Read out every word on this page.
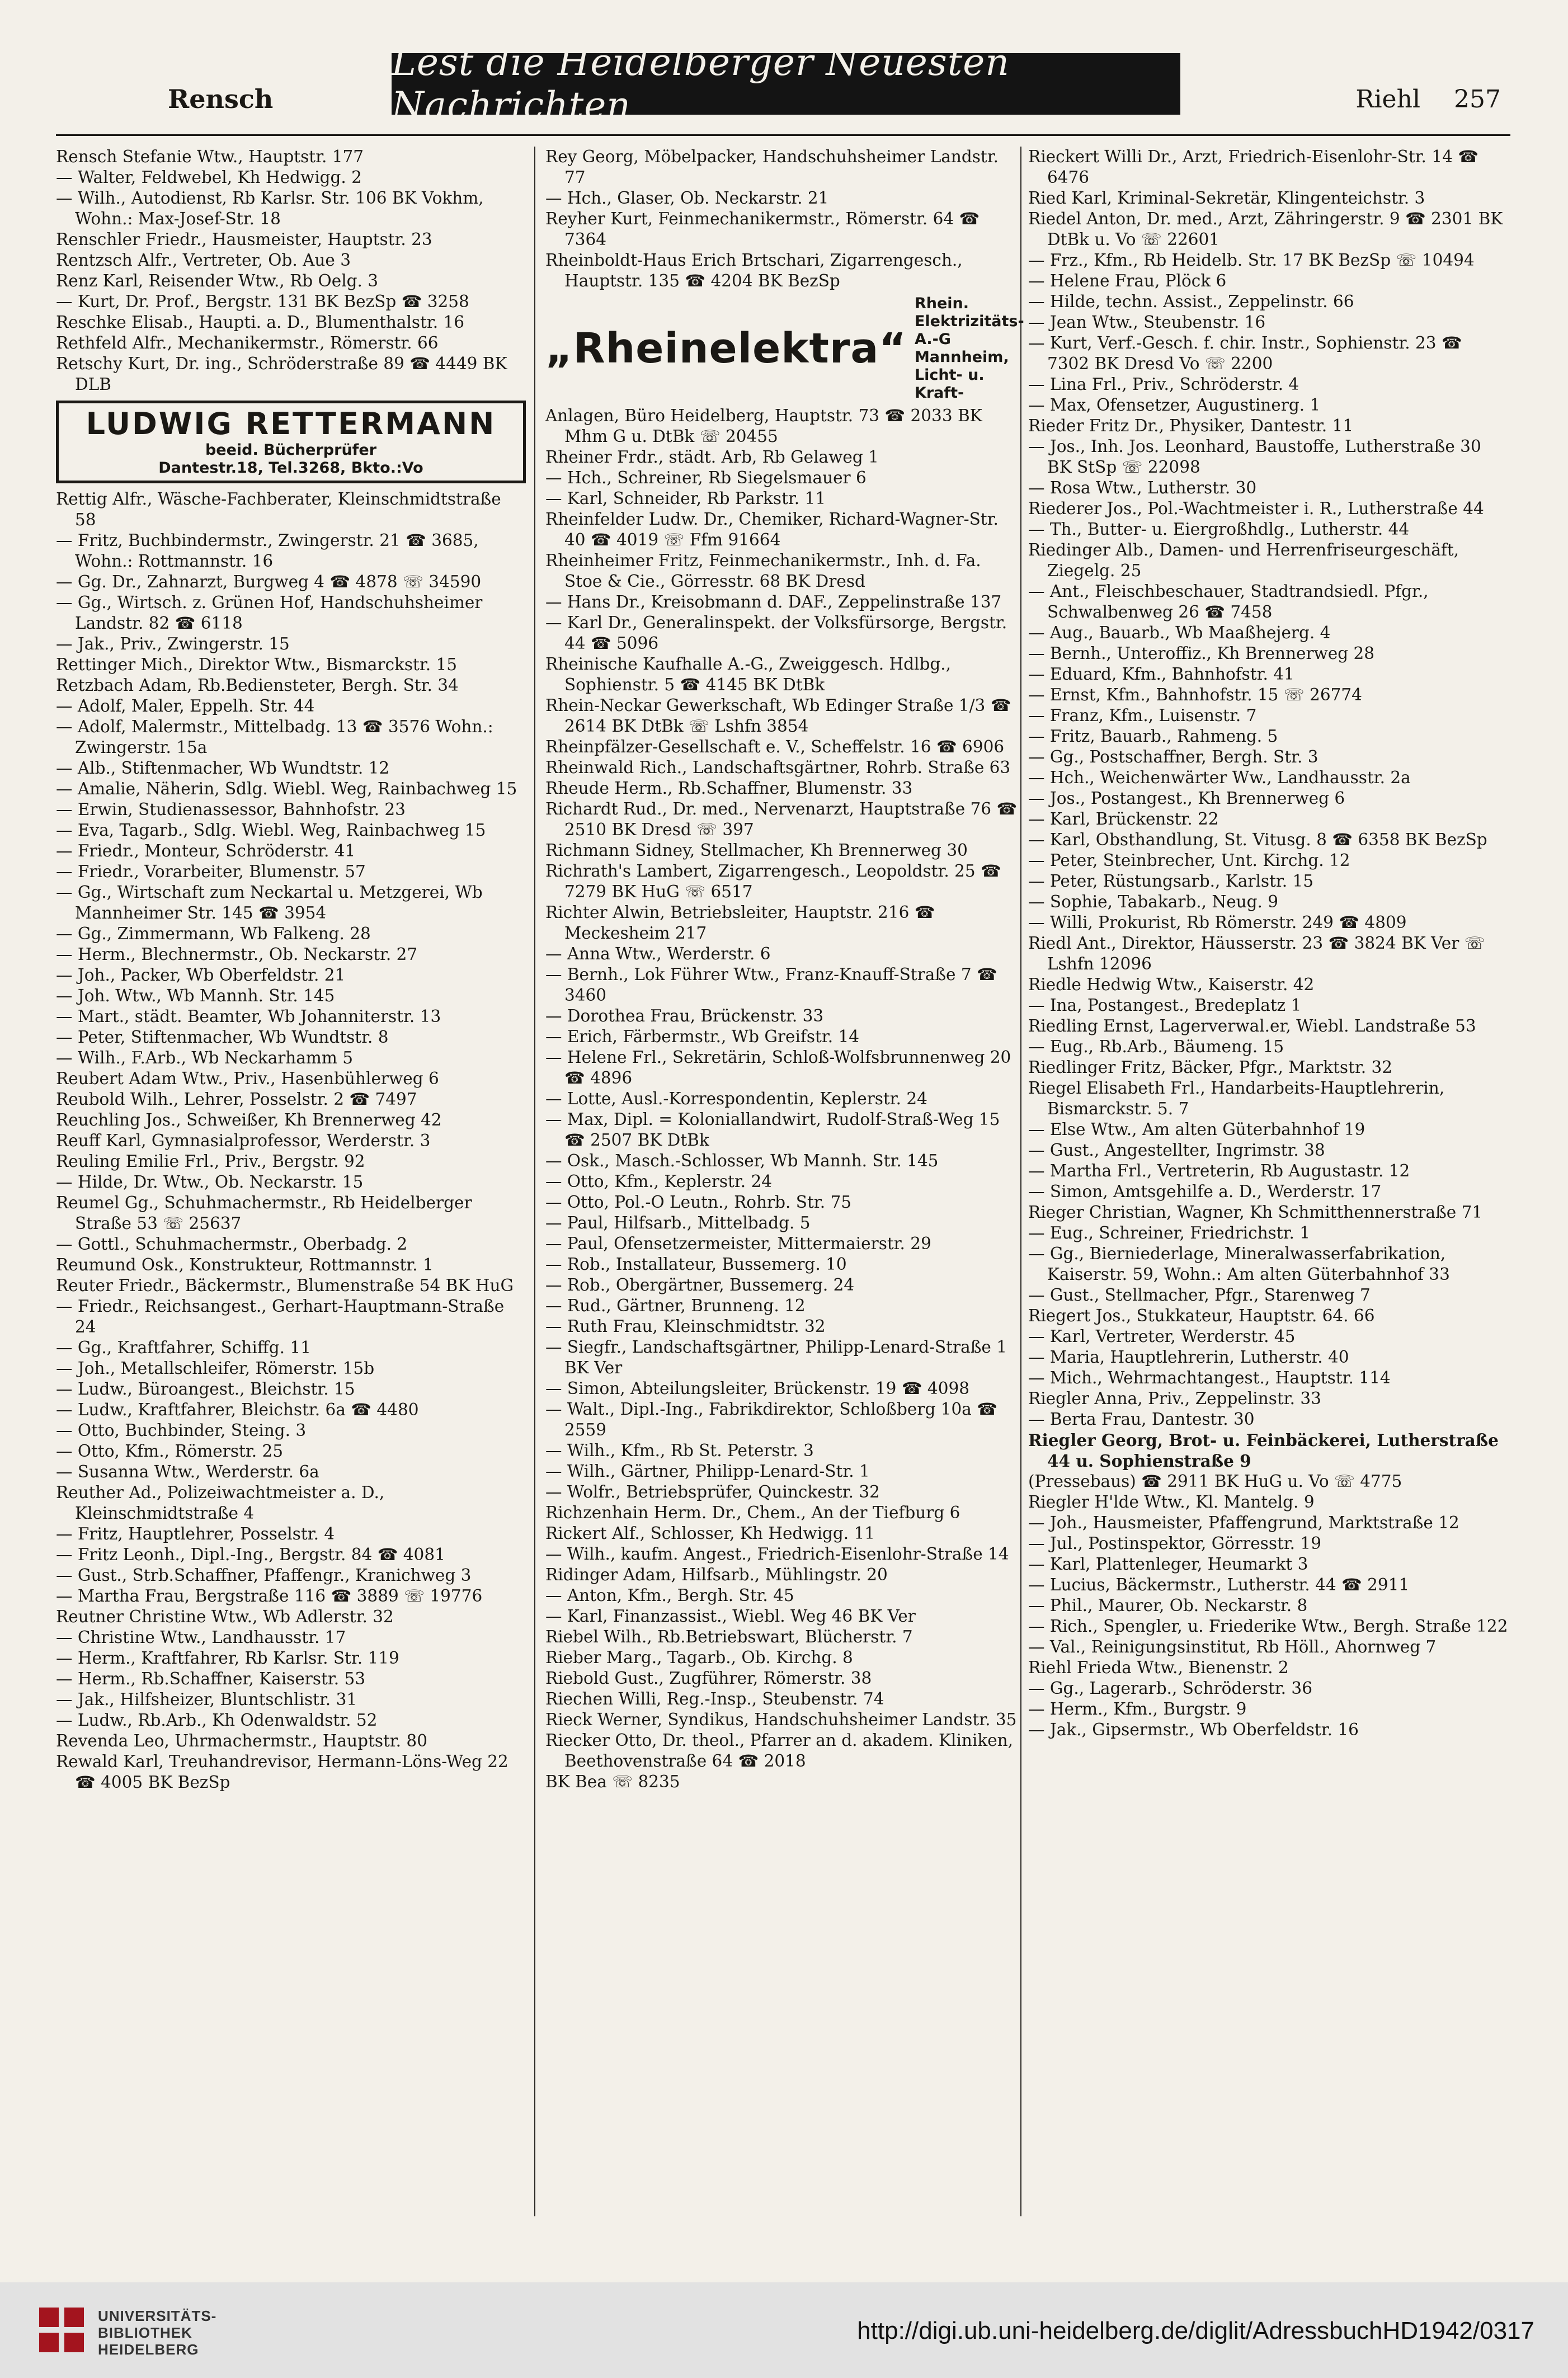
Rensch
Lest die Heidelberger Neuesten Nachrichten	Riehl 257
Rensch Stefanie Wtw., Hauptstr. 177
— Walter, Feldwebel, Kh Hedwigg. 2
— Wilh., Autodienst, Rb Karlsr. Str. 106 BK Vokhm, Wohn.: Max-Josef-Str. 18
Renschler Friedr., Hausmeister, Hauptstr. 23
Rentzsch Alfr., Vertreter, Ob. Aue 3
Renz Karl, Reisender Wtw., Rb Oelg. 3
— Kurt, Dr. Prof., Bergstr. 131 BK BezSp ☎ 3258
Reschke Elisab., Haupti. a. D., Blumenthalstr. 16
Rethfeld Alfr., Mechanikermstr., Römerstr. 66
Retschy Kurt, Dr. ing., Schröderstraße 89 ☎ 4449 BK DLB
LUDWIG RETTERMANN
beeid. Bücherprüfer
Dantestr.18, Tel.3268, Bkto.:Vo
Rettig Alfr., Wäsche-Fachberater, Kleinschmidtstraße 58
— Fritz, Buchbindermstr., Zwingerstr. 21 ☎ 3685, Wohn.: Rottmannstr. 16
— Gg. Dr., Zahnarzt, Burgweg 4 ☎ 4878 ☏ 34590
— Gg., Wirtsch. z. Grünen Hof, Handschuhsheimer Landstr. 82 ☎ 6118
— Jak., Priv., Zwingerstr. 15
Rettinger Mich., Direktor Wtw., Bismarckstr. 15
Retzbach Adam, Rb.Bediensteter, Bergh. Str. 34
— Adolf, Maler, Eppelh. Str. 44
— Adolf, Malermstr., Mittelbadg. 13 ☎ 3576 Wohn.: Zwingerstr. 15a
— Alb., Stiftenmacher, Wb Wundtstr. 12
— Amalie, Näherin, Sdlg. Wiebl. Weg, Rainbachweg 15
— Erwin, Studienassessor, Bahnhofstr. 23
— Eva, Tagarb., Sdlg. Wiebl. Weg, Rainbachweg 15
— Friedr., Monteur, Schröderstr. 41
— Friedr., Vorarbeiter, Blumenstr. 57
— Gg., Wirtschaft zum Neckartal u. Metzgerei, Wb Mannheimer Str. 145 ☎ 3954
— Gg., Zimmermann, Wb Falkeng. 28
— Herm., Blechnermstr., Ob. Neckarstr. 27
— Joh., Packer, Wb Oberfeldstr. 21
— Joh. Wtw., Wb Mannh. Str. 145
— Mart., städt. Beamter, Wb Johanniterstr. 13
— Peter, Stiftenmacher, Wb Wundtstr. 8
— Wilh., F.Arb., Wb Neckarhamm 5
Reubert Adam Wtw., Priv., Hasenbühlerweg 6
Reubold Wilh., Lehrer, Posselstr. 2 ☎ 7497
Reuchling Jos., Schweißer, Kh Brennerweg 42
Reuff Karl, Gymnasialprofessor, Werderstr. 3
Reuling Emilie Frl., Priv., Bergstr. 92
— Hilde, Dr. Wtw., Ob. Neckarstr. 15
Reumel Gg., Schuhmachermstr., Rb Heidelberger Straße 53 ☏ 25637
— Gottl., Schuhmachermstr., Oberbadg. 2
Reumund Osk., Konstrukteur, Rottmannstr. 1
Reuter Friedr., Bäckermstr., Blumenstraße 54 BK HuG
— Friedr., Reichsangest., Gerhart-Hauptmann-Straße 24
— Gg., Kraftfahrer, Schiffg. 11
— Joh., Metallschleifer, Römerstr. 15b
— Ludw., Büroangest., Bleichstr. 15
— Ludw., Kraftfahrer, Bleichstr. 6a ☎ 4480
— Otto, Buchbinder, Steing. 3
— Otto, Kfm., Römerstr. 25
— Susanna Wtw., Werderstr. 6a
Reuther Ad., Polizeiwachtmeister a. D., Kleinschmidtstraße 4
— Fritz, Hauptlehrer, Posselstr. 4
— Fritz Leonh., Dipl.-Ing., Bergstr. 84 ☎ 4081
— Gust., Strb.Schaffner, Pfaffengr., Kranichweg 3
— Martha Frau, Bergstraße 116 ☎ 3889 ☏ 19776
Reutner Christine Wtw., Wb Adlerstr. 32
— Christine Wtw., Landhausstr. 17
— Herm., Kraftfahrer, Rb Karlsr. Str. 119
— Herm., Rb.Schaffner, Kaiserstr. 53
— Jak., Hilfsheizer, Bluntschlistr. 31
— Ludw., Rb.Arb., Kh Odenwaldstr. 52
Revenda Leo, Uhrmachermstr., Hauptstr. 80
Rewald Karl, Treuhandrevisor, Hermann-Löns-Weg 22 ☎ 4005 BK BezSp
Rey Georg, Möbelpacker, Handschuhsheimer Landstr. 77
— Hch., Glaser, Ob. Neckarstr. 21
Reyher Kurt, Feinmechanikermstr., Römerstr. 64 ☎ 7364
Rheinboldt-Haus Erich Brtschari, Zigarrengesch., Hauptstr. 135 ☎ 4204 BK BezSp
„Rheinelektra“
Rhein. Elektrizitäts- A.-G Mannheim, Licht- u. Kraft-
Anlagen, Büro Heidelberg, Hauptstr. 73 ☎ 2033 BK Mhm G u. DtBk ☏ 20455
Rheiner Frdr., städt. Arb, Rb Gelaweg 1
— Hch., Schreiner, Rb Siegelsmauer 6
— Karl, Schneider, Rb Parkstr. 11
Rheinfelder Ludw. Dr., Chemiker, Richard-Wagner-Str. 40 ☎ 4019 ☏ Ffm 91664
Rheinheimer Fritz, Feinmechanikermstr., Inh. d. Fa. Stoe & Cie., Görresstr. 68 BK Dresd
— Hans Dr., Kreisobmann d. DAF., Zeppelinstraße 137
— Karl Dr., Generalinspekt. der Volksfürsorge, Bergstr. 44 ☎ 5096
Rheinische Kaufhalle A.-G., Zweiggesch. Hdlbg., Sophienstr. 5 ☎ 4145 BK DtBk
Rhein-Neckar Gewerkschaft, Wb Edinger Straße 1/3 ☎ 2614 BK DtBk ☏ Lshfn 3854
Rheinpfälzer-Gesellschaft e. V., Scheffelstr. 16 ☎ 6906
Rheinwald Rich., Landschaftsgärtner, Rohrb. Straße 63
Rheude Herm., Rb.Schaffner, Blumenstr. 33
Richardt Rud., Dr. med., Nervenarzt, Hauptstraße 76 ☎ 2510 BK Dresd ☏ 397
Richmann Sidney, Stellmacher, Kh Brennerweg 30
Richrath's Lambert, Zigarrengesch., Leopoldstr. 25 ☎ 7279 BK HuG ☏ 6517
Richter Alwin, Betriebsleiter, Hauptstr. 216 ☎ Meckesheim 217
— Anna Wtw., Werderstr. 6
— Bernh., Lok Führer Wtw., Franz-Knauff-Straße 7 ☎ 3460
— Dorothea Frau, Brückenstr. 33
— Erich, Färbermstr., Wb Greifstr. 14
— Helene Frl., Sekretärin, Schloß-Wolfsbrunnenweg 20 ☎ 4896
— Lotte, Ausl.-Korrespondentin, Keplerstr. 24
— Max, Dipl. = Koloniallandwirt, Rudolf-Straß-Weg 15 ☎ 2507 BK DtBk
— Osk., Masch.-Schlosser, Wb Mannh. Str. 145
— Otto, Kfm., Keplerstr. 24
— Otto, Pol.-O Leutn., Rohrb. Str. 75
— Paul, Hilfsarb., Mittelbadg. 5
— Paul, Ofensetzermeister, Mittermaierstr. 29
— Rob., Installateur, Bussemerg. 10
— Rob., Obergärtner, Bussemerg. 24
— Rud., Gärtner, Brunneng. 12
— Ruth Frau, Kleinschmidtstr. 32
— Siegfr., Landschaftsgärtner, Philipp-Lenard-Straße 1 BK Ver
— Simon, Abteilungsleiter, Brückenstr. 19 ☎ 4098
— Walt., Dipl.-Ing., Fabrikdirektor, Schloßberg 10a ☎ 2559
— Wilh., Kfm., Rb St. Peterstr. 3
— Wilh., Gärtner, Philipp-Lenard-Str. 1
— Wolfr., Betriebsprüfer, Quinckestr. 32
Richzenhain Herm. Dr., Chem., An der Tiefburg 6
Rickert Alf., Schlosser, Kh Hedwigg. 11
— Wilh., kaufm. Angest., Friedrich-Eisenlohr-Straße 14
Ridinger Adam, Hilfsarb., Mühlingstr. 20
— Anton, Kfm., Bergh. Str. 45
— Karl, Finanzassist., Wiebl. Weg 46 BK Ver
Riebel Wilh., Rb.Betriebswart, Blücherstr. 7
Rieber Marg., Tagarb., Ob. Kirchg. 8
Riebold Gust., Zugführer, Römerstr. 38
Riechen Willi, Reg.-Insp., Steubenstr. 74
Rieck Werner, Syndikus, Handschuhsheimer Landstr. 35
Riecker Otto, Dr. theol., Pfarrer an d. akadem. Kliniken, Beethovenstraße 64 ☎ 2018
BK Bea ☏ 8235
Rieckert Willi Dr., Arzt, Friedrich-Eisenlohr-Str. 14 ☎ 6476
Ried Karl, Kriminal-Sekretär, Klingenteichstr. 3
Riedel Anton, Dr. med., Arzt, Zähringerstr. 9 ☎ 2301 BK DtBk u. Vo ☏ 22601
— Frz., Kfm., Rb Heidelb. Str. 17 BK BezSp ☏ 10494
— Helene Frau, Plöck 6
— Hilde, techn. Assist., Zeppelinstr. 66
— Jean Wtw., Steubenstr. 16
— Kurt, Verf.-Gesch. f. chir. Instr., Sophienstr. 23 ☎ 7302 BK Dresd Vo ☏ 2200
— Lina Frl., Priv., Schröderstr. 4
— Max, Ofensetzer, Augustinerg. 1
Rieder Fritz Dr., Physiker, Dantestr. 11
— Jos., Inh. Jos. Leonhard, Baustoffe, Lutherstraße 30 BK StSp ☏ 22098
— Rosa Wtw., Lutherstr. 30
Riederer Jos., Pol.-Wachtmeister i. R., Lutherstraße 44
— Th., Butter- u. Eiergroßhdlg., Lutherstr. 44
Riedinger Alb., Damen- und Herrenfriseurgeschäft, Ziegelg. 25
— Ant., Fleischbeschauer, Stadtrandsiedl. Pfgr., Schwalbenweg 26 ☎ 7458
— Aug., Bauarb., Wb Maaßhejerg. 4
— Bernh., Unteroffiz., Kh Brennerweg 28
— Eduard, Kfm., Bahnhofstr. 41
— Ernst, Kfm., Bahnhofstr. 15 ☏ 26774
— Franz, Kfm., Luisenstr. 7
— Fritz, Bauarb., Rahmeng. 5
— Gg., Postschaffner, Bergh. Str. 3
— Hch., Weichenwärter Ww., Landhausstr. 2a
— Jos., Postangest., Kh Brennerweg 6
— Karl, Brückenstr. 22
— Karl, Obsthandlung, St. Vitusg. 8 ☎ 6358 BK BezSp
— Peter, Steinbrecher, Unt. Kirchg. 12
— Peter, Rüstungsarb., Karlstr. 15
— Sophie, Tabakarb., Neug. 9
— Willi, Prokurist, Rb Römerstr. 249 ☎ 4809
Riedl Ant., Direktor, Häusserstr. 23 ☎ 3824 BK Ver ☏ Lshfn 12096
Riedle Hedwig Wtw., Kaiserstr. 42
— Ina, Postangest., Bredeplatz 1
Riedling Ernst, Lagerverwal.er, Wiebl. Landstraße 53
— Eug., Rb.Arb., Bäumeng. 15
Riedlinger Fritz, Bäcker, Pfgr., Marktstr. 32
Riegel Elisabeth Frl., Handarbeits-Hauptlehrerin, Bismarckstr. 5. 7
— Else Wtw., Am alten Güterbahnhof 19
— Gust., Angestellter, Ingrimstr. 38
— Martha Frl., Vertreterin, Rb Augustastr. 12
— Simon, Amtsgehilfe a. D., Werderstr. 17
Rieger Christian, Wagner, Kh Schmitthennerstraße 71
— Eug., Schreiner, Friedrichstr. 1
— Gg., Bierniederlage, Mineralwasserfabrikation, Kaiserstr. 59, Wohn.: Am alten Güterbahnhof 33
— Gust., Stellmacher, Pfgr., Starenweg 7
Riegert Jos., Stukkateur, Hauptstr. 64. 66
— Karl, Vertreter, Werderstr. 45
— Maria, Hauptlehrerin, Lutherstr. 40
— Mich., Wehrmachtangest., Hauptstr. 114
Riegler Anna, Priv., Zeppelinstr. 33
— Berta Frau, Dantestr. 30
Riegler Georg, Brot- u. Feinbäckerei, Lutherstraße 44 u. Sophienstraße 9
(Pressebaus) ☎ 2911 BK HuG u. Vo ☏ 4775
Riegler H'lde Wtw., Kl. Mantelg. 9
— Joh., Hausmeister, Pfaffengrund, Marktstraße 12
— Jul., Postinspektor, Görresstr. 19
— Karl, Plattenleger, Heumarkt 3
— Lucius, Bäckermstr., Lutherstr. 44 ☎ 2911
— Phil., Maurer, Ob. Neckarstr. 8
— Rich., Spengler, u. Friederike Wtw., Bergh. Straße 122
— Val., Reinigungsinstitut, Rb Höll., Ahornweg 7
Riehl Frieda Wtw., Bienenstr. 2
— Gg., Lagerarb., Schröderstr. 36
— Herm., Kfm., Burgstr. 9
— Jak., Gipsermstr., Wb Oberfeldstr. 16
UNIVERSITÄTS-
BIBLIOTHEK
HEIDELBERG
http://digi.ub.uni-heidelberg.de/diglit/AdressbuchHD1942/0317
